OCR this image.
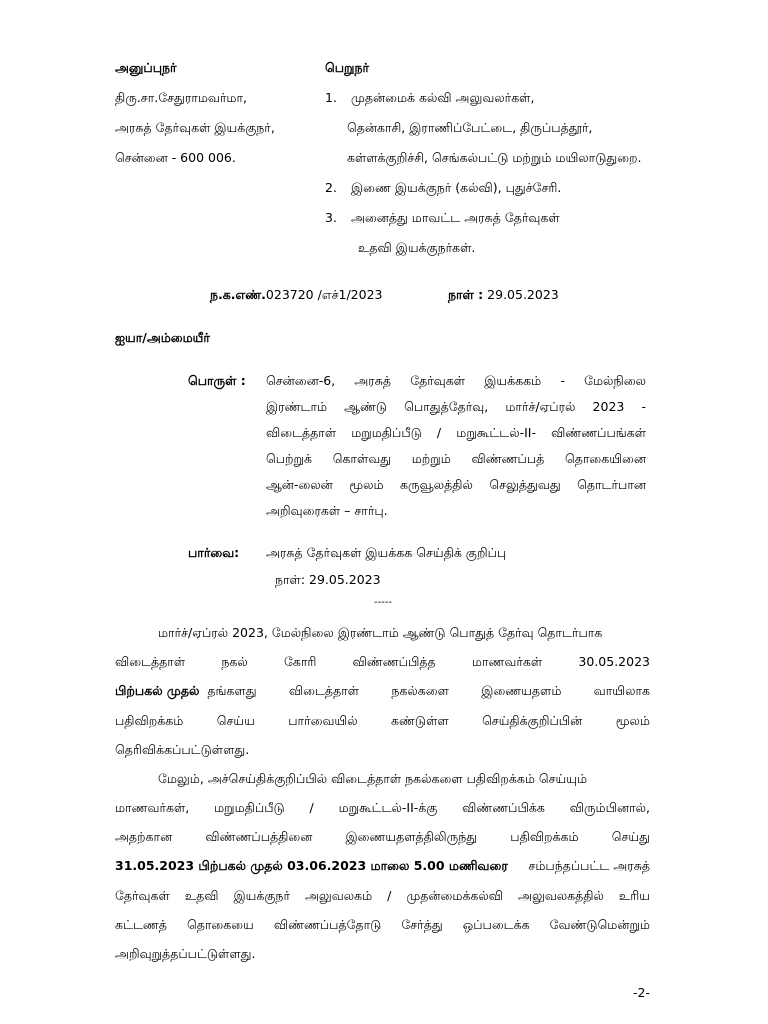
அனுப்புநர்
திரு.சா.சேதுராமவர்மா,
அரசுத் தேர்வுகள் இயக்குநர்,
சென்னை - 600 006.
பெறுநர்
1. முதன்மைக் கல்வி அலுவலர்கள்,
தென்காசி, இராணிப்பேட்டை, திருப்பத்தூர்,
கள்ளக்குறிச்சி, செங்கல்பட்டு மற்றும் மயிலாடுதுறை.
2. இணை இயக்குநர் (கல்வி), புதுச்சேரி.
3. அனைத்து மாவட்ட அரசுத் தேர்வுகள்
உதவி இயக்குநர்கள்.
ந.க.எண்.023720 /எச்1/2023	நாள் : 29.05.2023
ஐயா/அம்மையீர்
பொருள் : சென்னை-6, அரசுத் தேர்வுகள் இயக்ககம் - மேல்நிலை
இரண்டாம் ஆண்டு பொதுத்தேர்வு, மார்ச்/ஏப்ரல் 2023 -
விடைத்தாள் மறுமதிப்பீடு / மறுகூட்டல்-II- விண்ணப்பங்கள்
பெற்றுக் கொள்வது மற்றும் விண்ணப்பத் தொகையினை
ஆன்-லைன் மூலம் கருவூலத்தில் செலுத்துவது தொடர்பான
அறிவுரைகள் – சார்பு.
பார்வை: அரசுத் தேர்வுகள் இயக்கக செய்திக் குறிப்பு
நாள்: 29.05.2023
-----
மார்ச்/ஏப்ரல் 2023, மேல்நிலை இரண்டாம் ஆண்டு பொதுத் தேர்வு தொடர்பாக
விடைத்தாள் நகல் கோரி விண்ணப்பித்த மாணவர்கள் 30.05.2023
பிற்பகல் முதல் தங்களது விடைத்தாள் நகல்களை இணையதளம் வாயிலாக
பதிவிறக்கம் செய்ய பார்வையில் கண்டுள்ள செய்திக்குறிப்பின் மூலம்
தெரிவிக்கப்பட்டுள்ளது.
மேலும், அச்செய்திக்குறிப்பில் விடைத்தாள் நகல்களை பதிவிறக்கம் செய்யும்
மாணவர்கள், மறுமதிப்பீடு / மறுகூட்டல்-II-க்கு விண்ணப்பிக்க விரும்பினால்,
அதற்கான விண்ணப்பத்தினை இணையதளத்திலிருந்து பதிவிறக்கம் செய்து
31.05.2023 பிற்பகல் முதல் 03.06.2023 மாலை 5.00 மணிவரை	சம்பந்தப்பட்ட அரசுத்
தேர்வுகள் உதவி இயக்குநர் அலுவலகம் / முதன்மைக்கல்வி அலுவலகத்தில் உரிய
கட்டணத் தொகையை விண்ணப்பத்தோடு சேர்த்து ஒப்படைக்க வேண்டுமென்றும்
அறிவுறுத்தப்பட்டுள்ளது.
-2-
